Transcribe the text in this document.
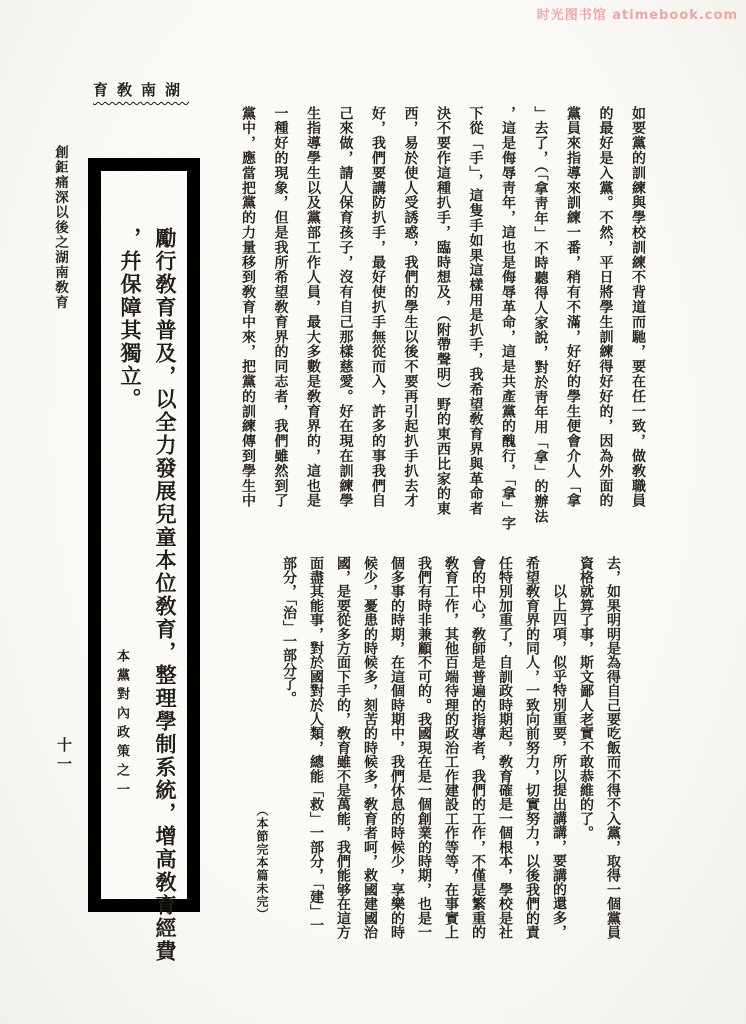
时光图书馆 atimebook.com
育敎南湖
創鉅痛深以後之湖南敎育
十一	勵行敎育普及，以全力發展兒童本位敎育，整理學制系統，增高敎育經費
，幷保障其獨立。
本黨對內政策之一
如要黨的訓練與學校訓練不背道而馳，要在任一致，做敎職員
的最好是入黨。不然，平日將學生訓練得好好的，因為外面的
黨員來指導來訓練一番，稍有不滿，好好的學生便會介人「拿
」去了，（「拿靑年」不時聽得人家說，對於靑年用「拿」的辦法
，這是侮辱靑年，這也是侮辱革命，這是共產黨的醜行，「拿」字
下從「手」，這隻手如果這樣用是扒手，我希望敎育界與革命者
決不要作這種扒手，臨時想及，（附帶聲明）野的東西比家的東
西，易於使人受誘惑，我們的學生以後不要再引起扒手扒去才
好，我們要講防扒手，最好使扒手無從而入，許多的事我們自
己來做，請人保育孩子，沒有自己那樣慈愛。好在現在訓練學
生指導學生以及黨部工作人員，最大多數是敎育界的，這也是
一種好的現象，但是我所希望敎育界的同志者，我們雖然到了
黨中，應當把黨的力量移到敎育中來，把黨的訓練傳到學生中
去，如果明明是為得自己要吃飯而不得不入黨，取得一個黨員
資格就算了事，斯文鄙人老實不敢恭維的了。
以上四項，似乎特別重要，所以提出講講，要講的還多，
希望敎育界的同人，一致向前努力，切實努力，以後我們的責
任特別加重了，自訓政時期起，敎育確是一個根本，學校是社
會的中心，敎師是普遍的指導者，我們的工作，不僅是繁重的
敎育工作，其他百端待理的政治工作建設工作等等，在事實上
我們有時非兼顧不可的。我國現在是一個創業的時期，也是一
個多事的時期，在這個時期中，我們休息的時候少，享樂的時
候少，憂患的時候多，刻苦的時候多，敎育者呵，救國建國治
國，是要從多方面下手的，敎育雖不是萬能，我們能够在這方
面盡其能事，對於國對於人類，總能「救」一部分，「建」一
部分，「治」一部分了。
（本節完本篇未完）
